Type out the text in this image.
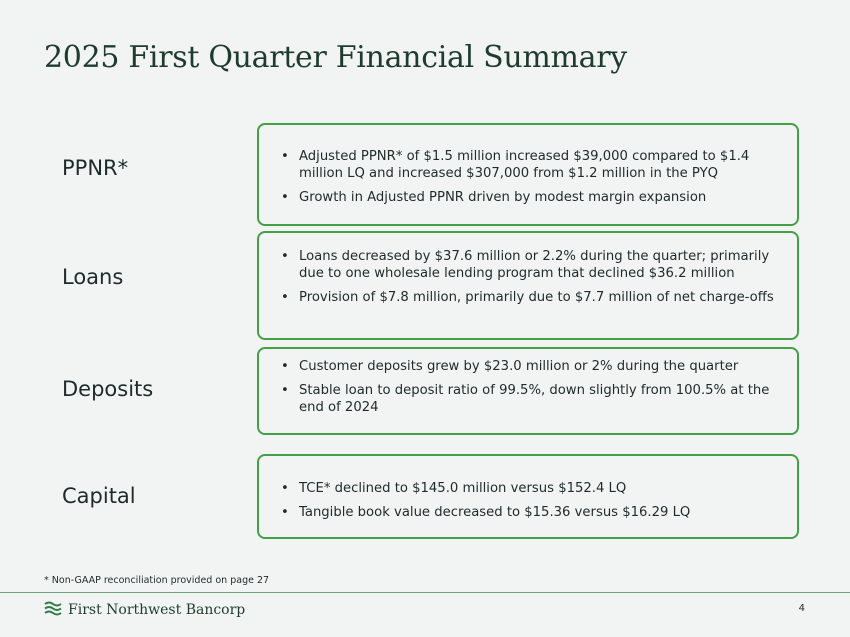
2025 First Quarter Financial Summary
PPNR*	• Adjusted PPNR* of $1.5 million increased $39,000 compared to $1.4 million LQ and increased $307,000 from $1.2 million in the PYQ
• Growth in Adjusted PPNR driven by modest margin expansion
Loans
• Loans decreased by $37.6 million or 2.2% during the quarter; primarily due to one wholesale lending program that declined $36.2 million
• Provision of $7.8 million, primarily due to $7.7 million of net charge-offs
Deposits
• Customer deposits grew by $23.0 million or 2% during the quarter
• Stable loan to deposit ratio of 99.5%, down slightly from 100.5% at the end of 2024
Capital	• TCE* declined to $145.0 million versus $152.4 LQ
• Tangible book value decreased to $15.36 versus $16.29 LQ
* Non-GAAP reconciliation provided on page 27
First Northwest Bancorp	4
